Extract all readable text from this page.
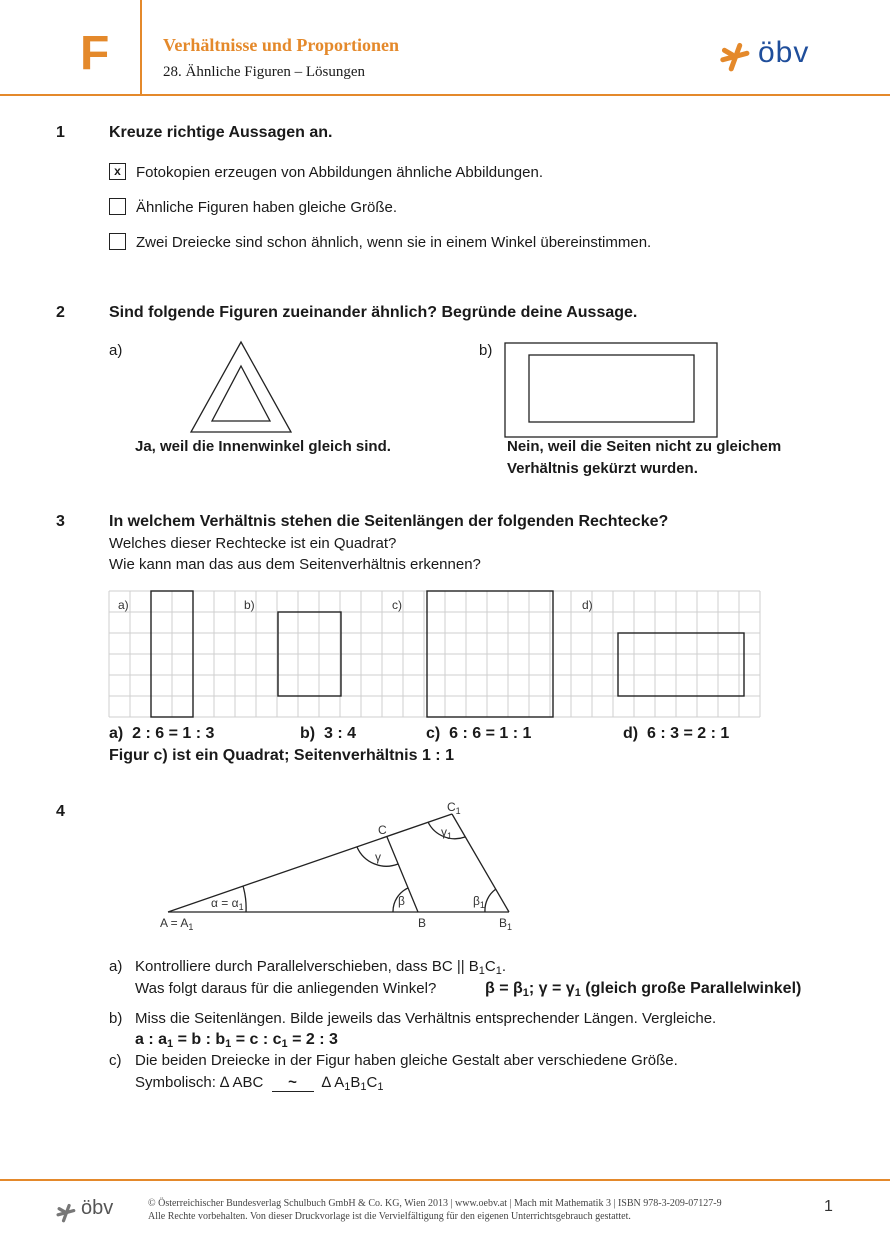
F	Verhältnisse und Proportionen
28. Ähnliche Figuren – Lösungen
öbv
1	Kreuze richtige Aussagen an.
x	Fotokopien erzeugen von Abbildungen ähnliche Abbildungen.
Ähnliche Figuren haben gleiche Größe.
Zwei Dreiecke sind schon ähnlich, wenn sie in einem Winkel übereinstimmen.
2	Sind folgende Figuren zueinander ähnlich? Begründe deine Aussage.
a)
Ja, weil die Innenwinkel gleich sind.
b)
Nein, weil die Seiten nicht zu gleichem
Verhältnis gekürzt wurden.
3	In welchem Verhältnis stehen die Seitenlängen der folgenden Rechtecke?
Welches dieser Rechtecke ist ein Quadrat?
Wie kann man das aus dem Seitenverhältnis erkennen?
a)	b)	c)	d)
a)  2 : 6 = 1 : 3	b)  3 : 4	c)  6 : 6 = 1 : 1	d)  6 : 3 = 2 : 1
Figur c) ist ein Quadrat; Seitenverhältnis 1 : 1
4
$A = A_1$	B	$B_1$
C
$C_1$
$\alpha = \alpha_1$	β	$\beta_1$
γ
$\gamma_1$
a) Kontrolliere durch Parallelverschieben, dass BC || $B_1C_1$.
Was folgt daraus für die anliegenden Winkel?	$\beta = \beta_1$; $\gamma = \gamma_1$ (gleich große Parallelwinkel)
b) Miss die Seitenlängen. Bilde jeweils das Verhältnis entsprechender Längen. Vergleiche.
a : $a_1 = b$ : $b_1 = c$ : $c_1 = 2$ : 3
c) Die beiden Dreiecke in der Figur haben gleiche Gestalt aber verschiedene Größe.
Symbolisch: ∆ ABC ~ ∆ $A_1B_1C_1$
öbv	© Österreichischer Bundesverlag Schulbuch GmbH & Co. KG, Wien 2013 | www.oebv.at | Mach mit Mathematik 3 | ISBN 978-3-209-07127-9
Alle Rechte vorbehalten. Von dieser Druckvorlage ist die Vervielfältigung für den eigenen Unterrichtsgebrauch gestattet.
1
